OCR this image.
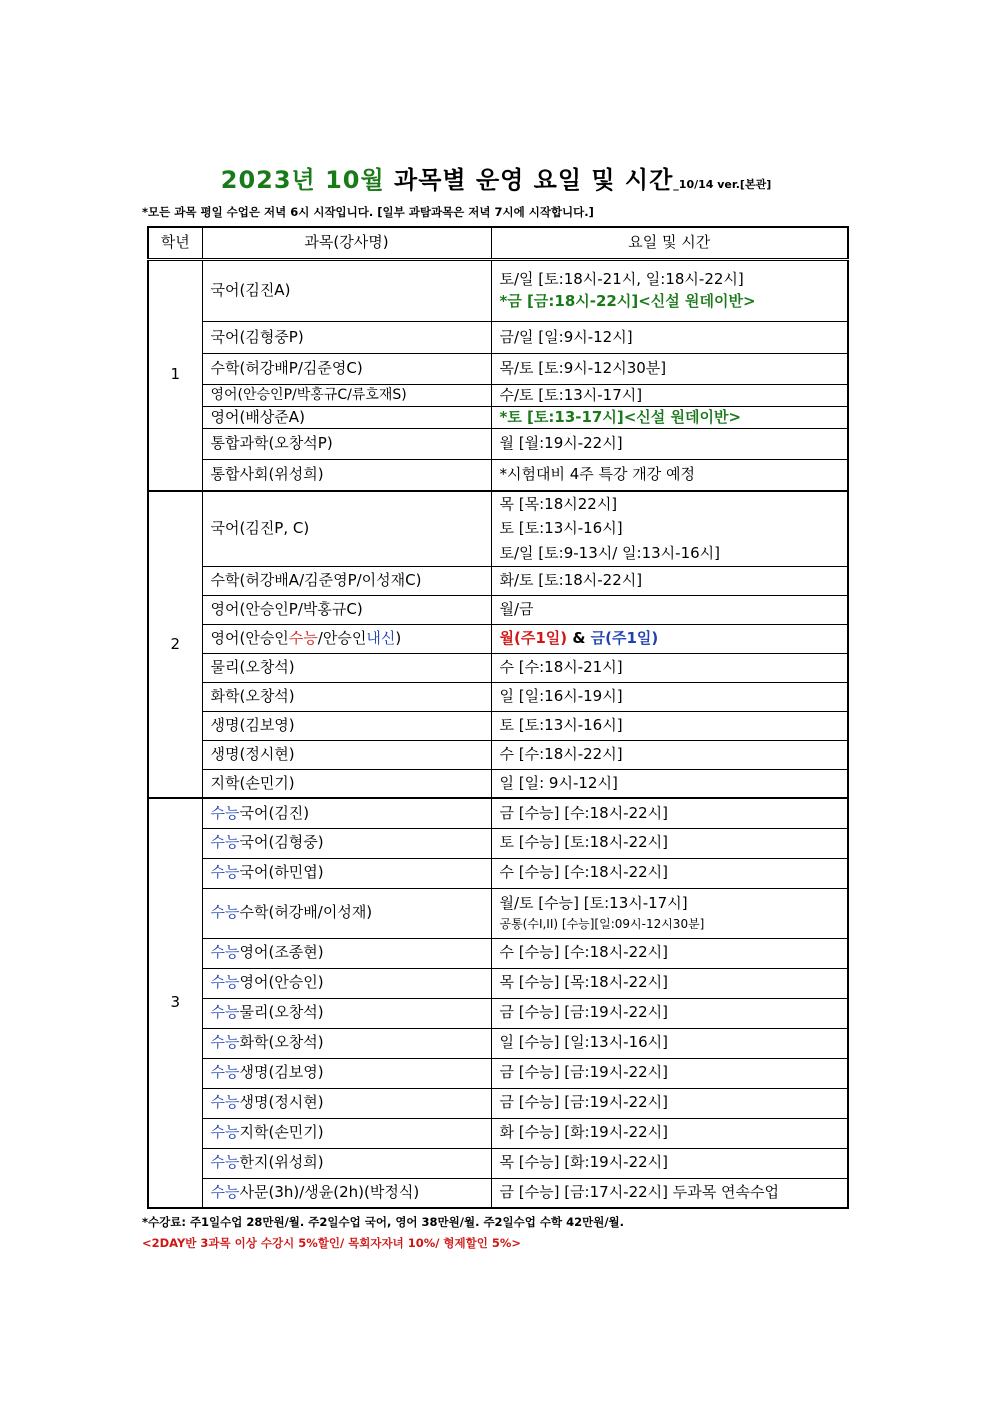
2023년 10월 과목별 운영 요일 및 시간_10/14 ver.[본관]
*모든 과목 평일 수업은 저녁 6시 시작입니다. [일부 과탐과목은 저녁 7시에 시작합니다.]
학년	과목(강사명)	요일 및 시간
1	국어(김진A)	토/일 [토:18시-21시, 일:18시-22시]
*금 [금:18시-22시]<신설 원데이반>

	국어(김형중P)	금/일 [일:9시-12시]
	수학(허강배P/김준영C)	목/토 [토:9시-12시30분]
	영어(안승인P/박홍규C/류호재S)	수/토 [토:13시-17시]
	영어(배상준A)	*토 [토:13-17시]<신설 원데이반>
	통합과학(오창석P)	월 [월:19시-22시]
	통합사회(위성희)	*시험대비 4주 특강 개강 예정
2	국어(김진P, C)	목 [목:18시22시]
토 [토:13시-16시]
토/일 [토:9-13시/ 일:13시-16시]
	수학(허강배A/김준영P/이성재C)	화/토 [토:18시-22시]
	영어(안승인P/박홍규C)	월/금
	영어(안승인수능/안승인내신)	월(주1일) & 금(주1일)
	물리(오창석)	수 [수:18시-21시]
	화학(오창석)	일 [일:16시-19시]
	생명(김보영)	토 [토:13시-16시]
	생명(정시현)	수 [수:18시-22시]
	지학(손민기)	일 [일: 9시-12시]
3	수능국어(김진)	금 [수능] [수:18시-22시]
	수능국어(김형중)	토 [수능] [토:18시-22시]
	수능국어(하민엽)	수 [수능] [수:18시-22시]
	수능수학(허강배/이성재)	월/토 [수능] [토:13시-17시]
공통(수I,II) [수능][일:09시-12시30분]

	수능영어(조종현)	수 [수능] [수:18시-22시]
	수능영어(안승인)	목 [수능] [목:18시-22시]
	수능물리(오창석)	금 [수능] [금:19시-22시]
	수능화학(오창석)	일 [수능] [일:13시-16시]
	수능생명(김보영)	금 [수능] [금:19시-22시]
	수능생명(정시현)	금 [수능] [금:19시-22시]
	수능지학(손민기)	화 [수능] [화:19시-22시]
	수능한지(위성희)	목 [수능] [화:19시-22시]
	수능사문(3h)/생윤(2h)(박정식)	금 [수능] [금:17시-22시] 두과목 연속수업
*수강료: 주1일수업 28만원/월. 주2일수업 국어, 영어 38만원/월. 주2일수업 수학 42만원/월.
<2DAY반 3과목 이상 수강시 5%할인/ 목회자자녀 10%/ 형제할인 5%>
